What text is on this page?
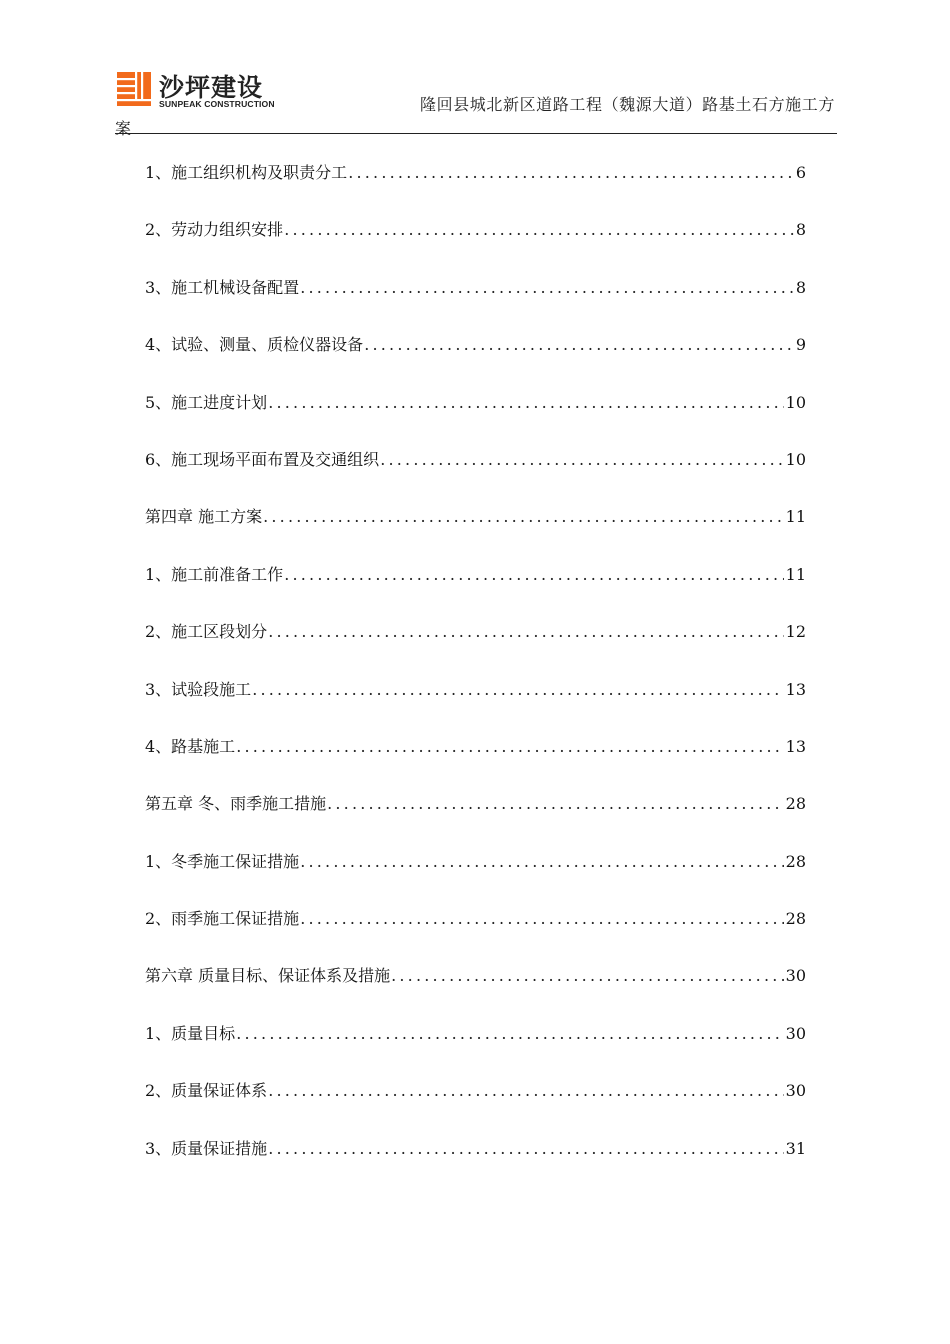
沙坪建设
SUNPEAK CONSTRUCTION	隆回县城北新区道路工程（魏源大道）路基土石方施工方
案
1、施工组织机构及职责分工 .....	6
2、劳动力组织安排 .....	8
3、施工机械设备配置 .....	8
4、试验、测量、质检仪器设备 .....	9
5、施工进度计划 .....	10
6、施工现场平面布置及交通组织 .....	10
第四章 施工方案 .....	11
1、施工前准备工作 .....	11
2、施工区段划分 .....	12
3、试验段施工 .....	13
4、路基施工 .....	13
第五章 冬、雨季施工措施 .....	28
1、冬季施工保证措施 .....	28
2、雨季施工保证措施 .....	28
第六章 质量目标、保证体系及措施 .....	30
1、质量目标 .....	30
2、质量保证体系 .....	30
3、质量保证措施 .....	31
